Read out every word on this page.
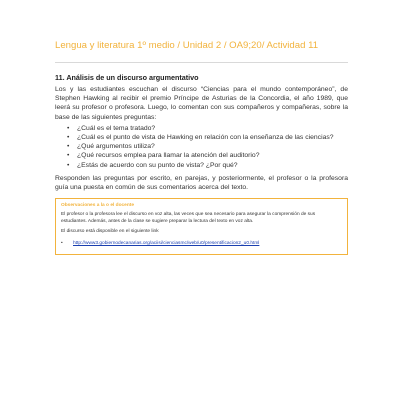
Lengua y literatura 1º medio / Unidad 2 / OA9;20/ Actividad 11
11. Análisis de un discurso argumentativo
Los y las estudiantes escuchan el discurso “Ciencias para el mundo contemporáneo”, de Stephen Hawking al recibir el premio Príncipe de Asturias de la Concordia, el año 1989, que leerá su profesor o profesora. Luego, lo comentan con sus compañeros y compañeras, sobre la base de las siguientes preguntas:
• ¿Cuál es el tema tratado?
• ¿Cuál es el punto de vista de Hawking en relación con la enseñanza de las ciencias?
• ¿Qué argumentos utiliza?
• ¿Qué recursos emplea para llamar la atención del auditorio?
• ¿Estás de acuerdo con su punto de vista? ¿Por qué?
Responden las preguntas por escrito, en parejas, y posteriormente, el profesor o la profesora guía una puesta en común de sus comentarios acerca del texto.
Observaciones a la o el docente
El profesor o la profesora lee el discurso en voz alta, las veces que sea necesario para asegurar la comprensión de sus estudiantes. Además, antes de la clase se sugiere preparar la lectura del texto en voz alta.
El discurso está disponible en el siguiente link
• http://www3.gobiernodecanarias.org/aciisi/cienciasmc/web/u0/presentificacion2_u0.html
